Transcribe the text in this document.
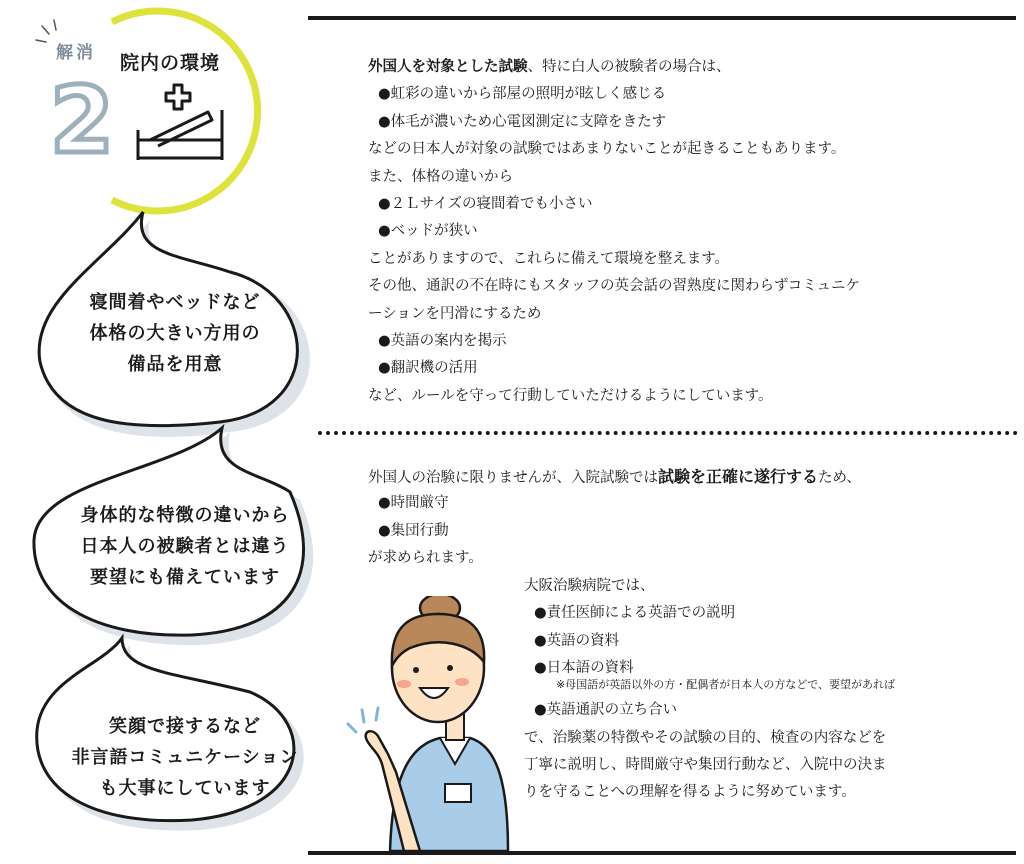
2
解消 院内の環境
寝間着やベッドなど
体格の大きい方用の
備品を用意
身体的な特徴の違いから
日本人の被験者とは違う
要望にも備えています
笑顔で接するなど
非言語コミュニケーション
も大事にしています
外国人を対象とした試験、特に白人の被験者の場合は、
●虹彩の違いから部屋の照明が眩しく感じる
●体毛が濃いため心電図測定に支障をきたす
などの日本人が対象の試験ではあまりないことが起きることもあります。
また、体格の違いから
●２Ｌサイズの寝間着でも小さい
●ベッドが狭い
ことがありますので、これらに備えて環境を整えます。
その他、通訳の不在時にもスタッフの英会話の習熟度に関わらずコミュニケ
ーションを円滑にするため
●英語の案内を掲示
●翻訳機の活用
など、ルールを守って行動していただけるようにしています。
外国人の治験に限りませんが、入院試験では試験を正確に遂行するため、
●時間厳守
●集団行動
が求められます。
大阪治験病院では、
●責任医師による英語での説明
●英語の資料
●日本語の資料
※母国語が英語以外の方・配偶者が日本人の方などで、要望があれば
●英語通訳の立ち合い
で、治験薬の特徴やその試験の目的、検査の内容などを
丁寧に説明し、時間厳守や集団行動など、入院中の決ま
りを守ることへの理解を得るように努めています。
